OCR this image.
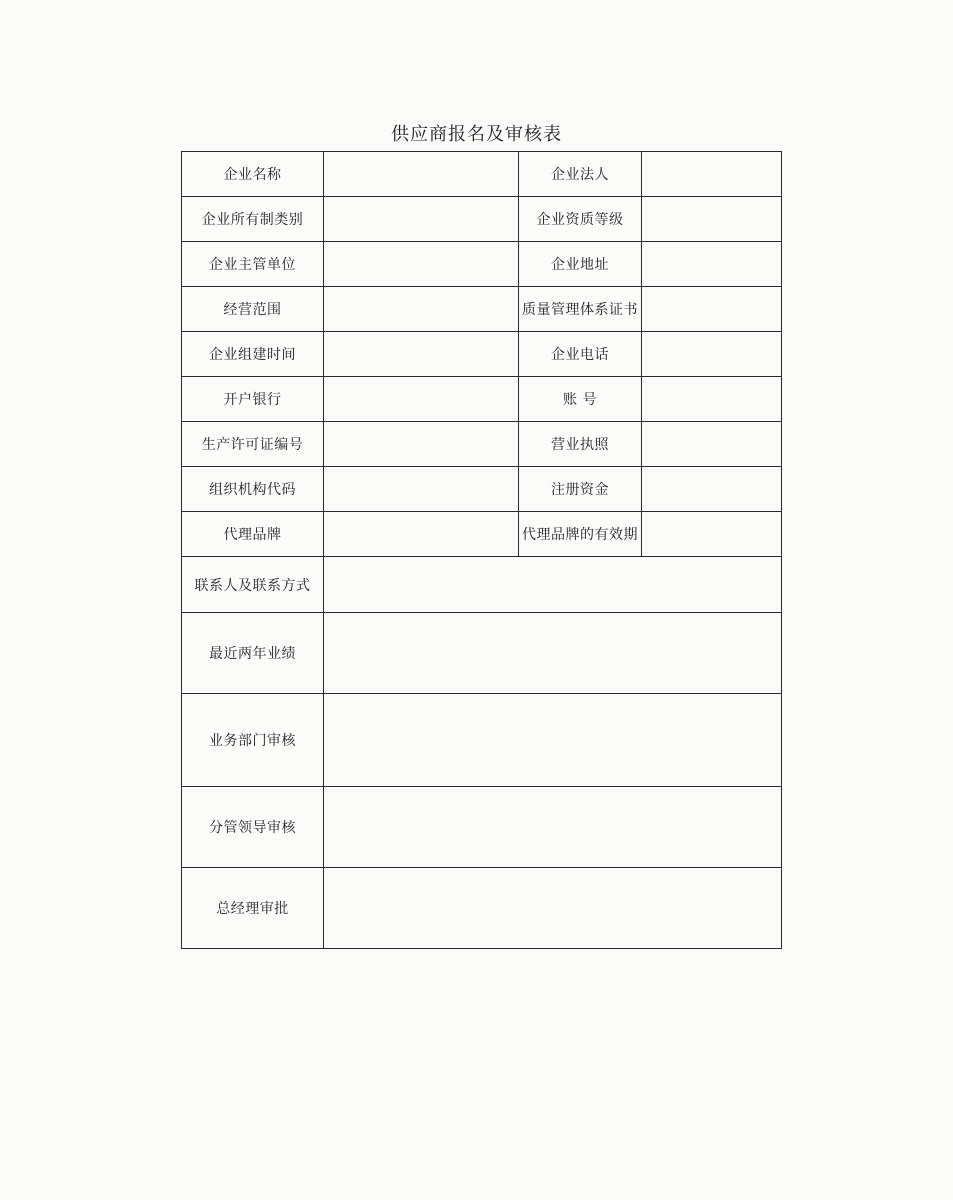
供应商报名及审核表
企业名称		企业法人	
企业所有制类别		企业资质等级	
企业主管单位		企业地址	
经营范围		质量管理体系证书	
企业组建时间		企业电话	
开户银行		账 号	
生产许可证编号		营业执照	
组织机构代码		注册资金	
代理品牌		代理品牌的有效期	
联系人及联系方式			
最近两年业绩			
业务部门审核			
分管领导审核			
总经理审批			
